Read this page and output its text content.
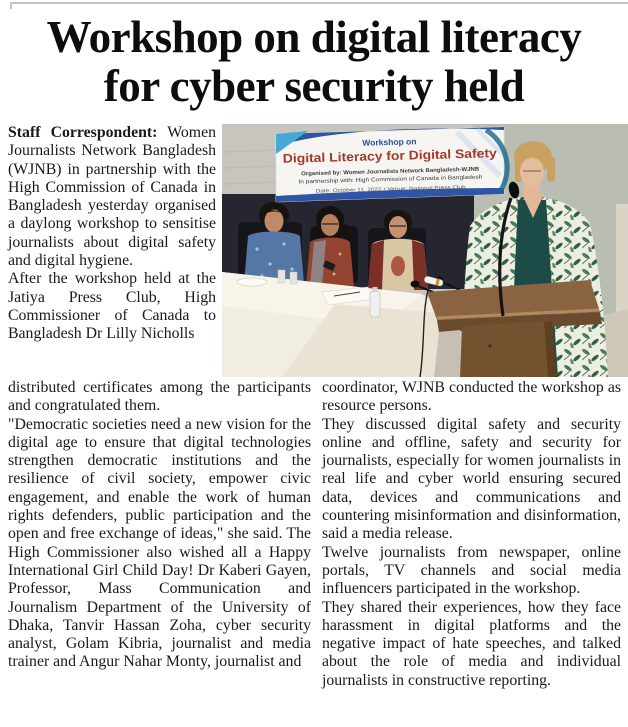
Workshop on digital literacy
for cyber security held

Staff Correspondent: Women Journalists Network Bangladesh (WJNB) in partnership with the High Commission of Canada in Bangladesh yesterday organised a daylong workshop to sensitise journalists about digital safety and digital hygiene.

After the workshop held at the Jatiya Press Club, High Commissioner of Canada to Bangladesh Dr Lilly Nicholls

distributed certificates among the participants and congratulated them.

"Democratic societies need a new vision for the digital age to ensure that digital technologies strengthen democratic institutions and the resilience of civil society, empower civic engagement, and enable the work of human rights defenders, public participation and the open and free exchange of ideas," she said. The High Commissioner also wished all a Happy International Girl Child Day! Dr Kaberi Gayen, Professor, Mass Communication and Journalism Department of the University of Dhaka, Tanvir Hassan Zoha, cyber security analyst, Golam Kibria, journalist and media trainer and Angur Nahar Monty, journalist and

coordinator, WJNB conducted the workshop as resource persons.

They discussed digital safety and security online and offline, safety and security for journalists, especially for women journalists in real life and cyber world ensuring secured data, devices and communications and countering misinformation and disinformation, said a media release.

Twelve journalists from newspaper, online portals, TV channels and social media influencers participated in the workshop.

They shared their experiences, how they face harassment in digital platforms and the negative impact of hate speeches, and talked about the role of media and individual journalists in constructive reporting.

Workshop on
Digital Literacy for Digital Safety
Organised by: Women Journalists Network Bangladesh-WJNB
In partnership with: High Commission of Canada in Bangladesh
Date: October 11, 2022 • Venue: National Press Club
